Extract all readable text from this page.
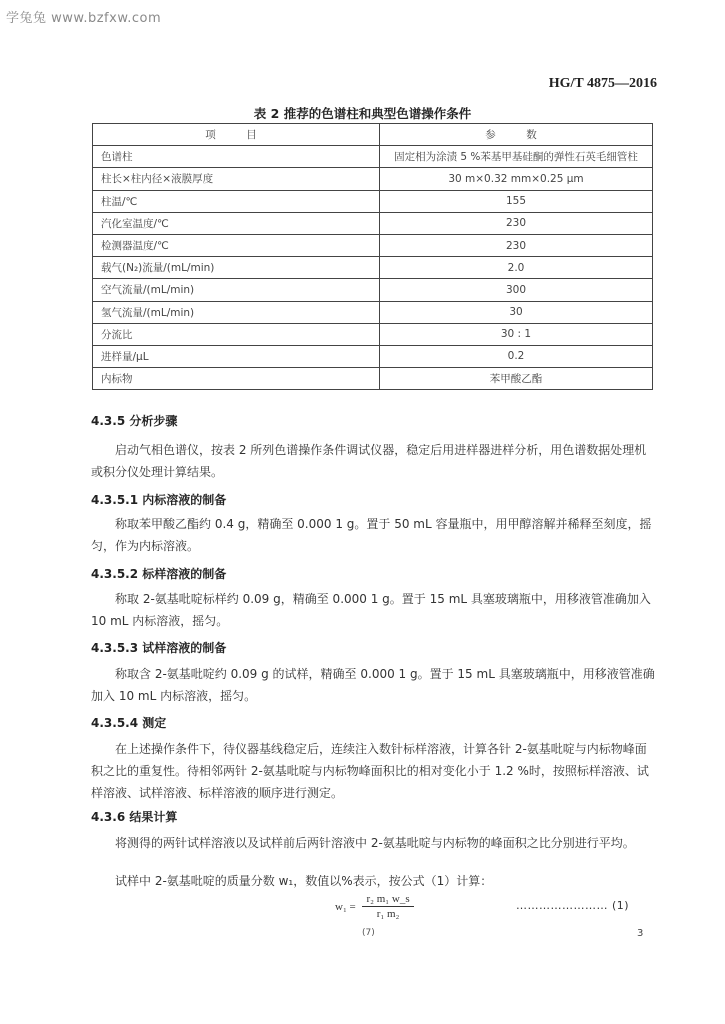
学兔兔 www.bzfxw.com
HG/T 4875—2016
表 2 推荐的色谱柱和典型色谱操作条件
项　目	参　数
色谱柱	固定相为涂渍 5 %苯基甲基硅酮的弹性石英毛细管柱
柱长×柱内径×液膜厚度	30 m×0.32 mm×0.25 μm
柱温/℃	155
汽化室温度/℃	230
检测器温度/℃	230
载气(N₂)流量/(mL/min)	2.0
空气流量/(mL/min)	300
氢气流量/(mL/min)	30
分流比	30 : 1
进样量/μL	0.2
内标物	苯甲酸乙酯
4.3.5 分析步骤
启动气相色谱仪，按表 2 所列色谱操作条件调试仪器，稳定后用进样器进样分析，用色谱数据处理机或积分仪处理计算结果。
4.3.5.1 内标溶液的制备
称取苯甲酸乙酯约 0.4 g，精确至 0.000 1 g。置于 50 mL 容量瓶中，用甲醇溶解并稀释至刻度，摇匀，作为内标溶液。
4.3.5.2 标样溶液的制备
称取 2-氨基吡啶标样约 0.09 g，精确至 0.000 1 g。置于 15 mL 具塞玻璃瓶中，用移液管准确加入 10 mL 内标溶液，摇匀。
4.3.5.3 试样溶液的制备
称取含 2-氨基吡啶约 0.09 g 的试样，精确至 0.000 1 g。置于 15 mL 具塞玻璃瓶中，用移液管准确加入 10 mL 内标溶液，摇匀。
4.3.5.4 测定
在上述操作条件下，待仪器基线稳定后，连续注入数针标样溶液，计算各针 2-氨基吡啶与内标物峰面积之比的重复性。待相邻两针 2-氨基吡啶与内标物峰面积比的相对变化小于 1.2 %时，按照标样溶液、试样溶液、试样溶液、标样溶液的顺序进行测定。
4.3.6 结果计算
将测得的两针试样溶液以及试样前后两针溶液中 2-氨基吡啶与内标物的峰面积之比分别进行平均。
试样中 2-氨基吡啶的质量分数 w₁，数值以%表示，按公式（1）计算：
$w_1 = \frac{\text{r₂ m₁ w\_s}}{\text{r₁ m₂}}$	…………………… (1)
(7)	3
